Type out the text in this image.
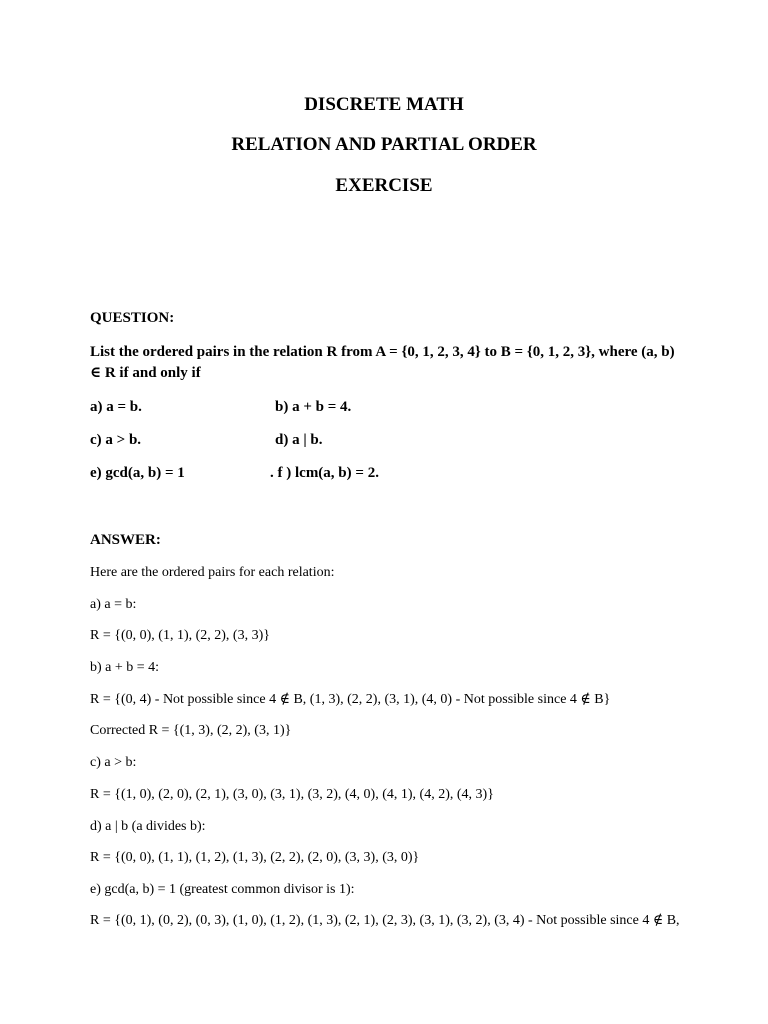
DISCRETE MATH
RELATION AND PARTIAL ORDER
EXERCISE

QUESTION:

List the ordered pairs in the relation R from A = {0, 1, 2, 3, 4} to B = {0, 1, 2, 3}, where (a, b) ∈ R if and only if

a) a = b.	b) a + b = 4.

c) a > b.	d) a | b.

e) gcd(a, b) = 1	. f ) lcm(a, b) = 2.

ANSWER:

Here are the ordered pairs for each relation:

a) a = b:

R = {(0, 0), (1, 1), (2, 2), (3, 3)}

b) a + b = 4:

R = {(0, 4) - Not possible since 4 ∉ B, (1, 3), (2, 2), (3, 1), (4, 0) - Not possible since 4 ∉ B}

Corrected R = {(1, 3), (2, 2), (3, 1)}

c) a > b:

R = {(1, 0), (2, 0), (2, 1), (3, 0), (3, 1), (3, 2), (4, 0), (4, 1), (4, 2), (4, 3)}

d) a | b (a divides b):

R = {(0, 0), (1, 1), (1, 2), (1, 3), (2, 2), (2, 0), (3, 3), (3, 0)}

e) gcd(a, b) = 1 (greatest common divisor is 1):

R = {(0, 1), (0, 2), (0, 3), (1, 0), (1, 2), (1, 3), (2, 1), (2, 3), (3, 1), (3, 2), (3, 4) - Not possible since 4 ∉ B,
